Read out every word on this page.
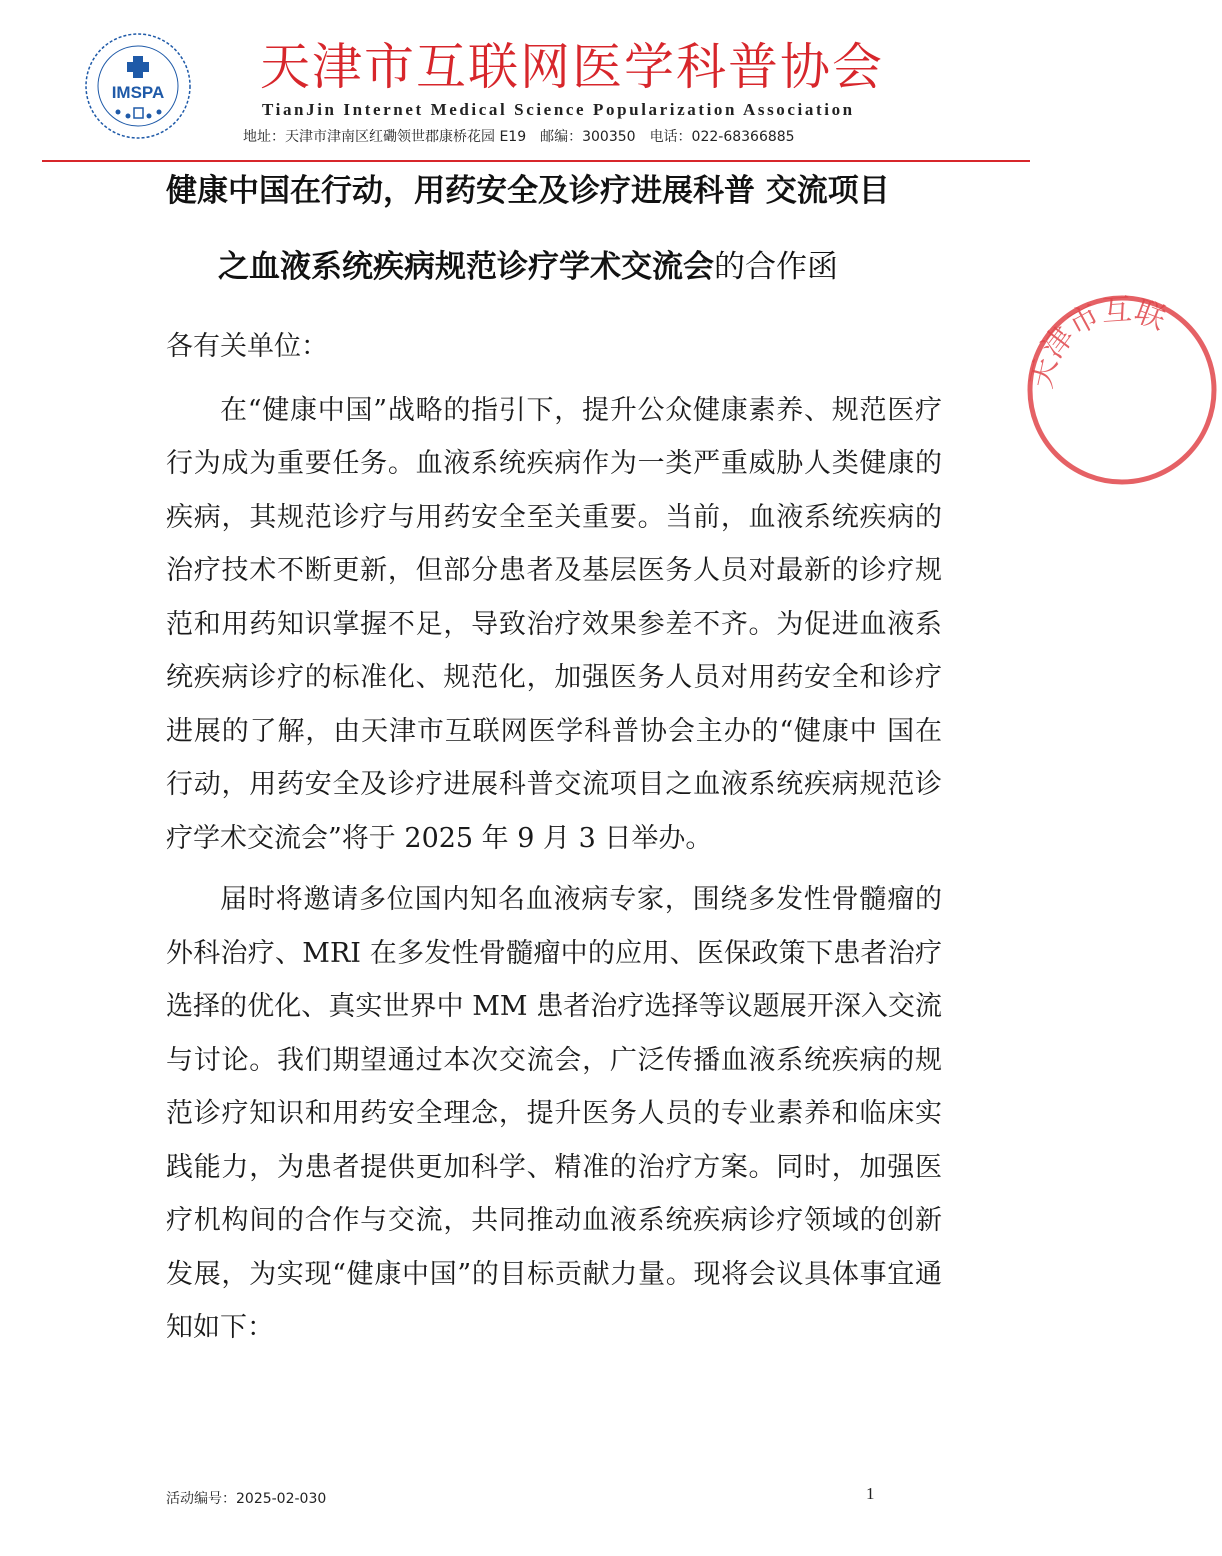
IMSPA 天津市互联网医学科普协会
TianJin Internet Medical Science Popularization Association
地址：天津市津南区红磡领世郡康桥花园 E19 邮编：300350 电话：022-68366885
健康中国在行动，用药安全及诊疗进展科普 交流项目
之血液系统疾病规范诊疗学术交流会的合作函

各有关单位：

在“健康中国”战略的指引下，提升公众健康素养、规范医疗行为成为重要任务。血液系统疾病作为一类严重威胁人类健康的疾病，其规范诊疗与用药安全至关重要。当前，血液系统疾病的治疗技术不断更新，但部分患者及基层医务人员对最新的诊疗规范和用药知识掌握不足，导致治疗效果参差不齐。为促进血液系统疾病诊疗的标准化、规范化，加强医务人员对用药安全和诊疗进展的了解，由天津市互联网医学科普协会主办的“健康中 国在行动，用药安全及诊疗进展科普交流项目之血液系统疾病规范诊疗学术交流会”将于 2025 年 9 月 3 日举办。

届时将邀请多位国内知名血液病专家，围绕多发性骨髓瘤的外科治疗、MRI 在多发性骨髓瘤中的应用、医保政策下患者治疗选择的优化、真实世界中 MM 患者治疗选择等议题展开深入交流与讨论。我们期望通过本次交流会，广泛传播血液系统疾病的规范诊疗知识和用药安全理念，提升医务人员的专业素养和临床实践能力，为患者提供更加科学、精准的治疗方案。同时，加强医疗机构间的合作与交流，共同推动血液系统疾病诊疗领域的创新发展，为实现“健康中国”的目标贡献力量。现将会议具体事宜通知如下：

天津市互联
活动编号：2025-02-030	1
